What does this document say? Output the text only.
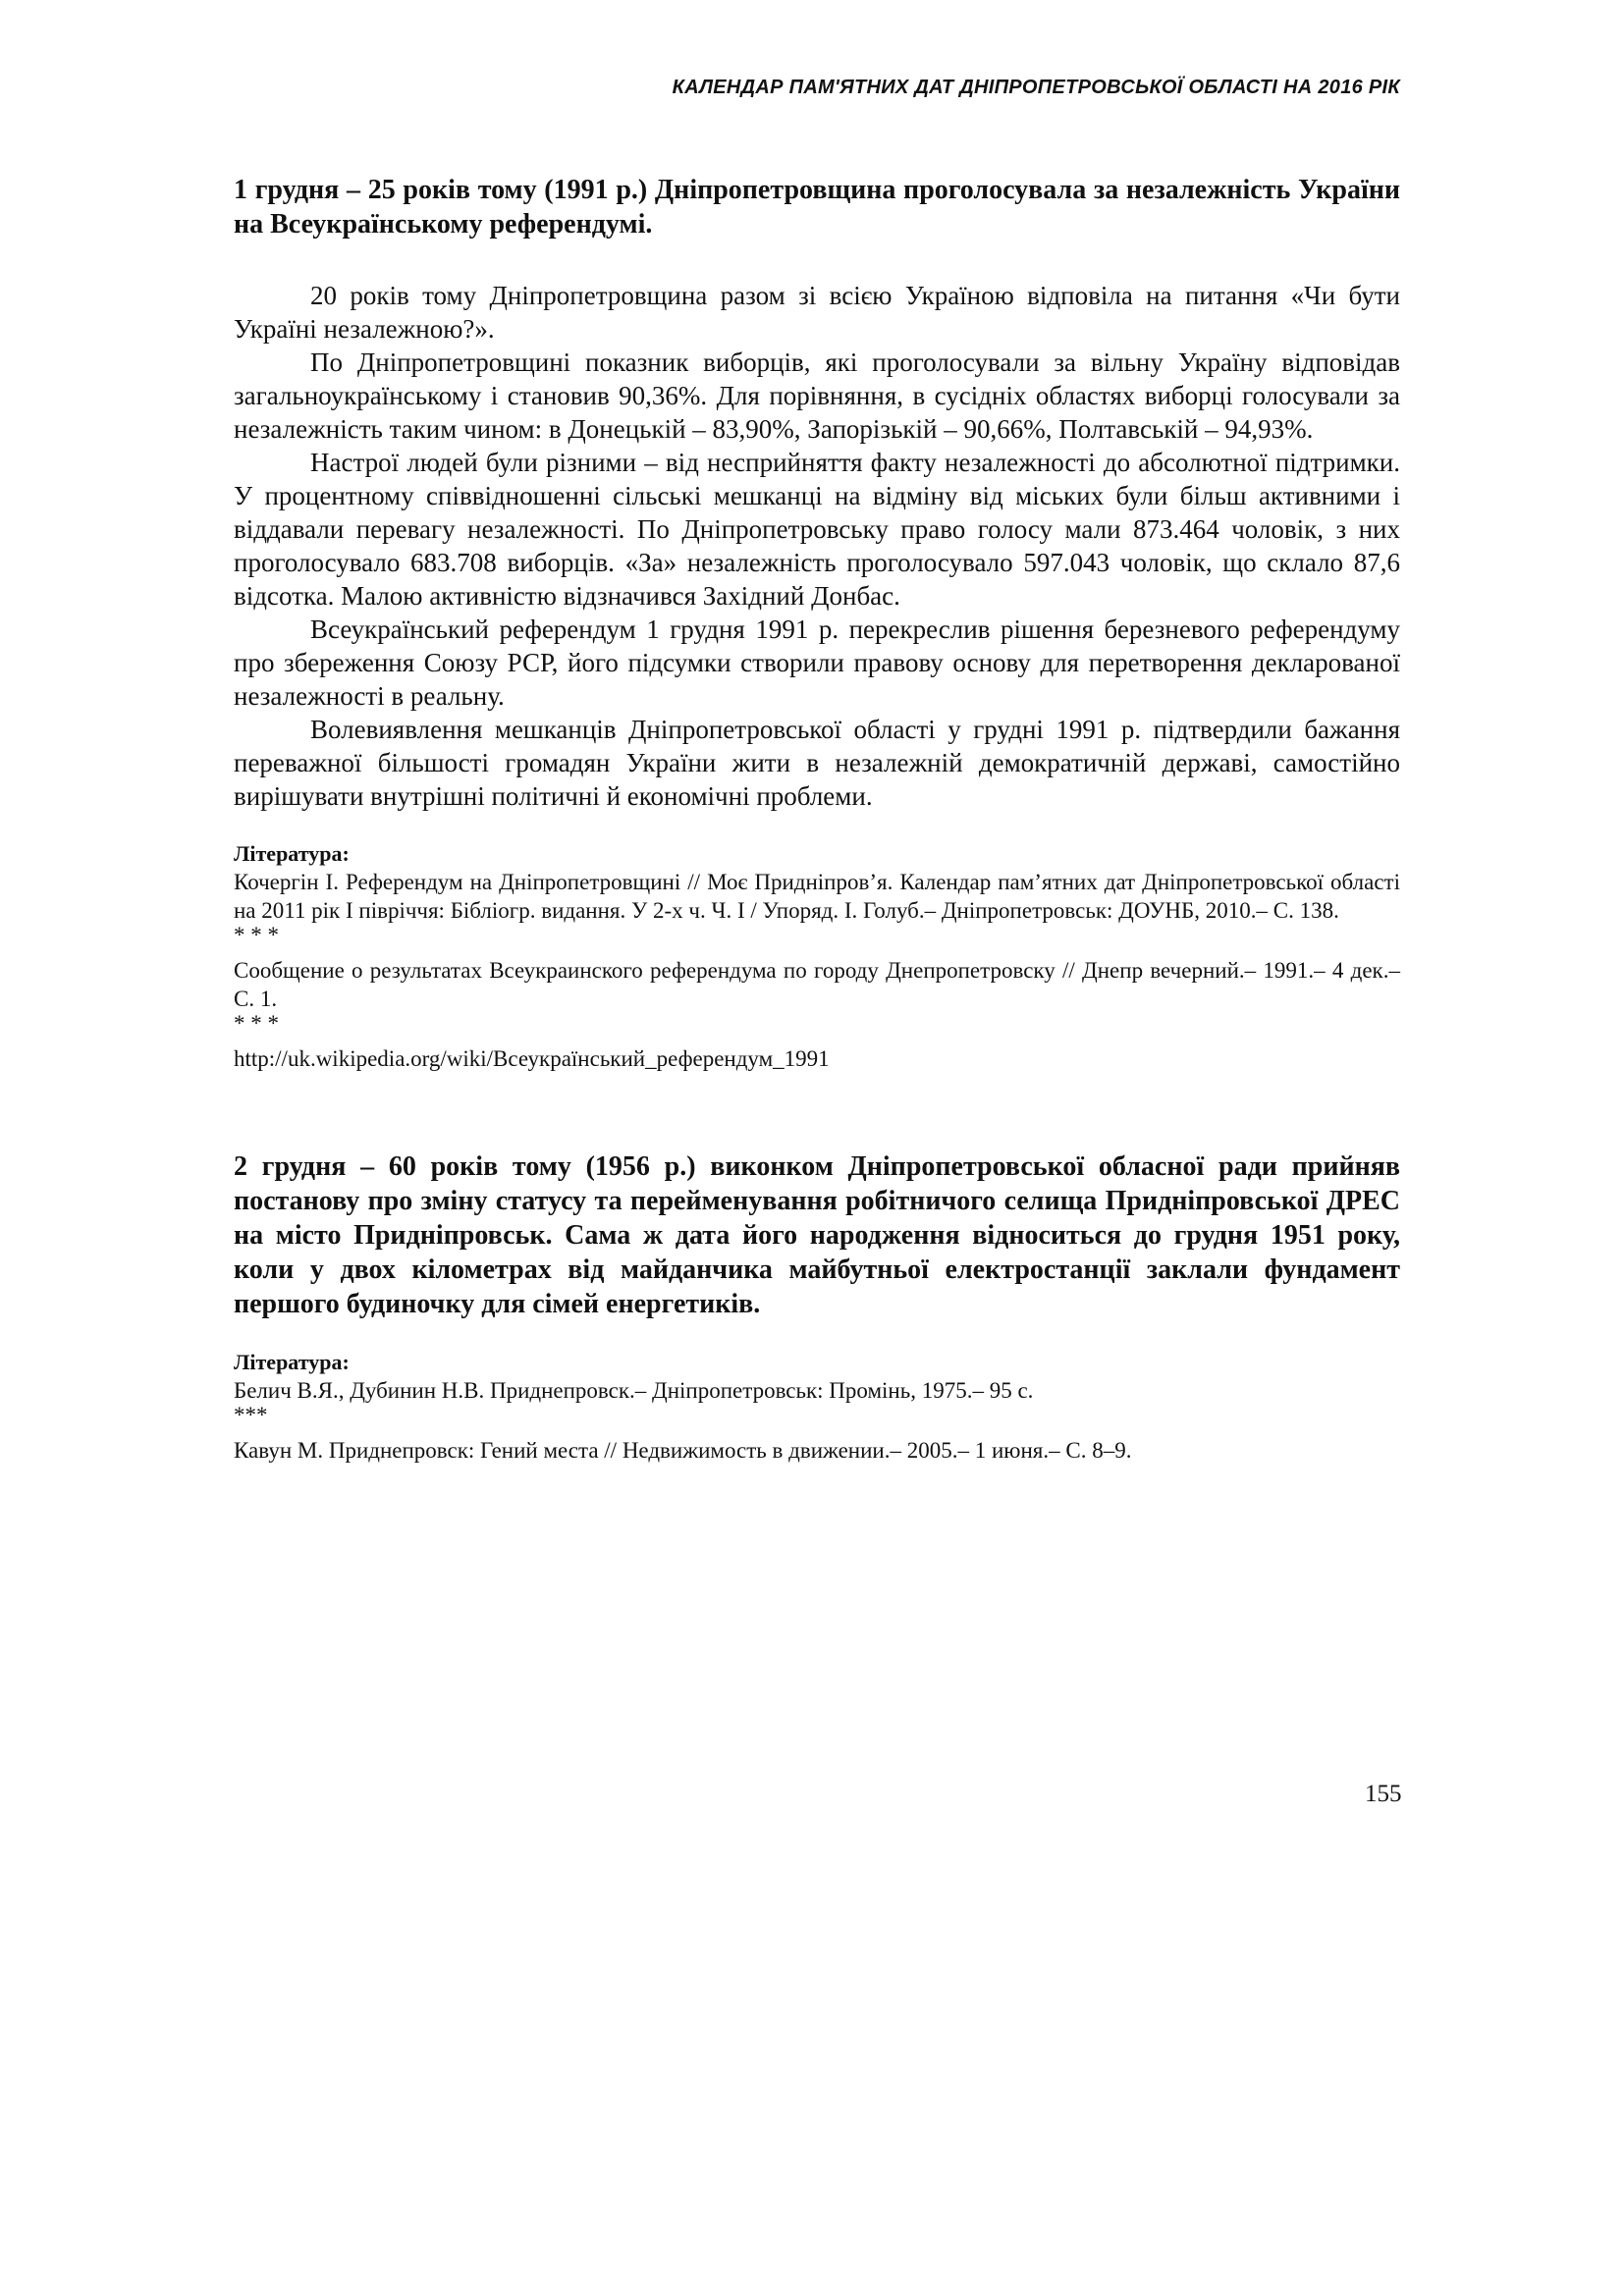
КАЛЕНДАР ПАМ'ЯТНИХ ДАТ ДНІПРОПЕТРОВСЬКОЇ ОБЛАСТІ НА 2016 РІК
1 грудня – 25 років тому (1991 р.) Дніпропетровщина проголосувала за незалежність України на Всеукраїнському референдумі.

20 років тому Дніпропетровщина разом зі всією Україною відповіла на питання «Чи бути Україні незалежною?».

По Дніпропетровщині показник виборців, які проголосували за вільну Україну відповідав загальноукраїнському і становив 90,36%. Для порівняння, в сусідніх областях виборці голосували за незалежність таким чином: в Донецькій – 83,90%, Запорізькій – 90,66%, Полтавській – 94,93%.

Настрої людей були різними – від несприйняття факту незалежності до абсолютної підтримки. У процентному співвідношенні сільські мешканці на відміну від міських були більш активними і віддавали перевагу незалежності. По Дніпропетровську право голосу мали 873.464 чоловік, з них проголосувало 683.708 виборців. «За» незалежність проголосувало 597.043 чоловік, що склало 87,6 відсотка. Малою активністю відзначився Західний Донбас.

Всеукраїнський референдум 1 грудня 1991 р. перекреслив рішення березневого референдуму про збереження Союзу РСР, його підсумки створили правову основу для перетворення декларованої незалежності в реальну.

Волевиявлення мешканців Дніпропетровської області у грудні 1991 р. підтвердили бажання переважної більшості громадян України жити в незалежній демократичній державі, самостійно вирішувати внутрішні політичні й економічні проблеми.

Література:

Кочергін І. Референдум на Дніпропетровщині // Моє Придніпров’я. Календар пам’ятних дат Дніпропетровської області на 2011 рік І півріччя: Бібліогр. видання. У 2-х ч. Ч. І / Упоряд. І. Голуб.– Дніпропетровськ: ДОУНБ, 2010.– С. 138.

* * *

Сообщение о результатах Всеукраинского референдума по городу Днепропетровску // Днепр вечерний.– 1991.– 4 дек.– С. 1.

* * *

http://uk.wikipedia.org/wiki/Всеукраїнський_референдум_1991

2 грудня – 60 років тому (1956 р.) виконком Дніпропетровської обласної ради прийняв постанову про зміну статусу та перейменування робітничого селища Придніпровської ДРЕС на місто Придніпровськ. Сама ж дата його народження відноситься до грудня 1951 року, коли у двох кілометрах від майданчика майбутньої електростанції заклали фундамент першого будиночку для сімей енергетиків.

Література:

Белич В.Я., Дубинин Н.В. Приднепровск.– Дніпропетровськ: Промінь, 1975.– 95 с.

***

Кавун М. Приднепровск: Гений места // Недвижимость в движении.– 2005.– 1 июня.– С. 8–9.

155
